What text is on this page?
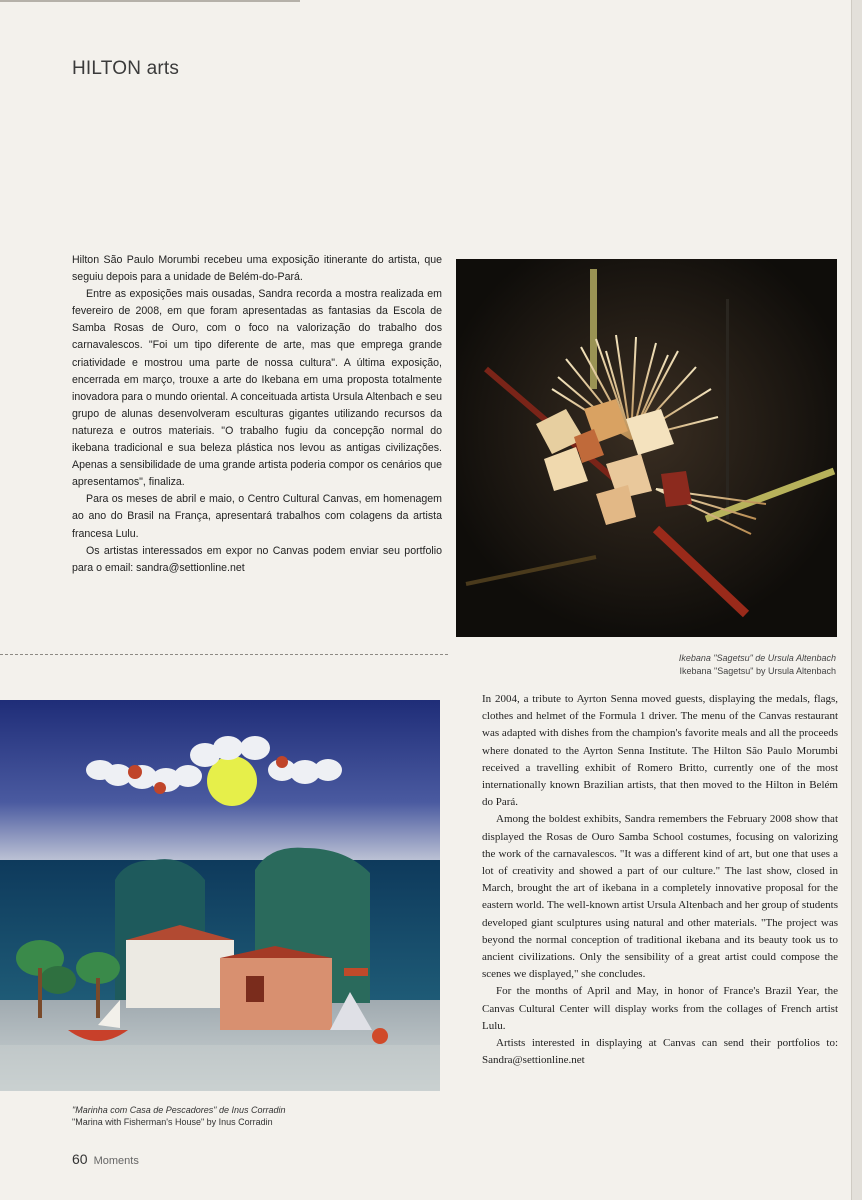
HILTON arts

Hilton São Paulo Morumbi recebeu uma exposição itinerante do artista, que seguiu depois para a unidade de Belém-do-Pará.

Entre as exposições mais ousadas, Sandra recorda a mostra realizada em fevereiro de 2008, em que foram apresentadas as fantasias da Escola de Samba Rosas de Ouro, com o foco na valorização do trabalho dos carnavalescos. "Foi um tipo diferente de arte, mas que emprega grande criatividade e mostrou uma parte de nossa cultura". A última exposição, encerrada em março, trouxe a arte do Ikebana em uma proposta totalmente inovadora para o mundo oriental. A conceituada artista Ursula Altenbach e seu grupo de alunas desenvolveram esculturas gigantes utilizando recursos da natureza e outros materiais. "O trabalho fugiu da concepção normal do ikebana tradicional e sua beleza plástica nos levou as antigas civilizações. Apenas a sensibilidade de uma grande artista poderia compor os cenários que apresentamos", finaliza.

Para os meses de abril e maio, o Centro Cultural Canvas, em homenagem ao ano do Brasil na França, apresentará trabalhos com colagens da artista francesa Lulu.

Os artistas interessados em expor no Canvas podem enviar seu portfolio para o email: sandra@settionline.net

Ikebana "Sagetsu" de Ursula Altenbach
Ikebana "Sagetsu" by Ursula Altenbach
"Marinha com Casa de Pescadores" de Inus Corradin
"Marina with Fisherman's House" by Inus Corradin

In 2004, a tribute to Ayrton Senna moved guests, displaying the medals, flags, clothes and helmet of the Formula 1 driver. The menu of the Canvas restaurant was adapted with dishes from the champion's favorite meals and all the proceeds where donated to the Ayrton Senna Institute. The Hilton São Paulo Morumbi received a travelling exhibit of Romero Britto, currently one of the most internationally known Brazilian artists, that then moved to the Hilton in Belém do Pará.

Among the boldest exhibits, Sandra remembers the February 2008 show that displayed the Rosas de Ouro Samba School costumes, focusing on valorizing the work of the carnavalescos. "It was a different kind of art, but one that uses a lot of creativity and showed a part of our culture." The last show, closed in March, brought the art of ikebana in a completely innovative proposal for the eastern world. The well-known artist Ursula Altenbach and her group of students developed giant sculptures using natural and other materials. "The project was beyond the normal conception of traditional ikebana and its beauty took us to ancient civilizations. Only the sensibility of a great artist could compose the scenes we displayed," she concludes.

For the months of April and May, in honor of France's Brazil Year, the Canvas Cultural Center will display works from the collages of French artist Lulu.

Artists interested in displaying at Canvas can send their portfolios to: Sandra@settionline.net

60 Moments
